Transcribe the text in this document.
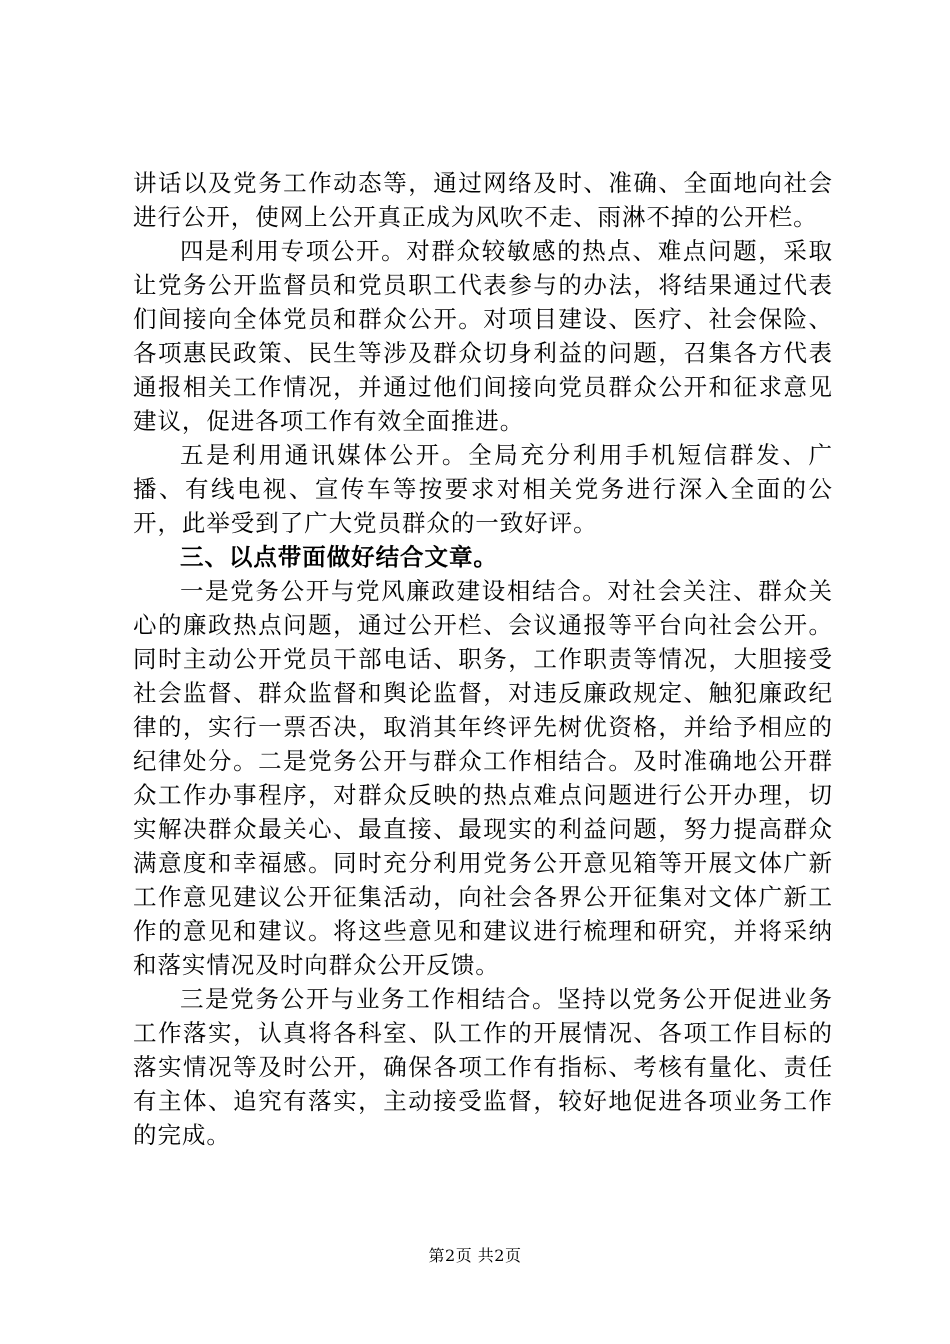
讲话以及党务工作动态等，通过网络及时、准确、全面地向社会进行公开，使网上公开真正成为风吹不走、雨淋不掉的公开栏。

四是利用专项公开。对群众较敏感的热点、难点问题，采取让党务公开监督员和党员职工代表参与的办法，将结果通过代表们间接向全体党员和群众公开。对项目建设、医疗、社会保险、各项惠民政策、民生等涉及群众切身利益的问题，召集各方代表通报相关工作情况，并通过他们间接向党员群众公开和征求意见建议，促进各项工作有效全面推进。

五是利用通讯媒体公开。全局充分利用手机短信群发、广播、有线电视、宣传车等按要求对相关党务进行深入全面的公开，此举受到了广大党员群众的一致好评。

三、以点带面做好结合文章。

一是党务公开与党风廉政建设相结合。对社会关注、群众关心的廉政热点问题，通过公开栏、会议通报等平台向社会公开。同时主动公开党员干部电话、职务，工作职责等情况，大胆接受社会监督、群众监督和舆论监督，对违反廉政规定、触犯廉政纪律的，实行一票否决，取消其年终评先树优资格，并给予相应的纪律处分。二是党务公开与群众工作相结合。及时准确地公开群众工作办事程序，对群众反映的热点难点问题进行公开办理，切实解决群众最关心、最直接、最现实的利益问题，努力提高群众满意度和幸福感。同时充分利用党务公开意见箱等开展文体广新工作意见建议公开征集活动，向社会各界公开征集对文体广新工作的意见和建议。将这些意见和建议进行梳理和研究，并将采纳和落实情况及时向群众公开反馈。

三是党务公开与业务工作相结合。坚持以党务公开促进业务工作落实，认真将各科室、队工作的开展情况、各项工作目标的落实情况等及时公开，确保各项工作有指标、考核有量化、责任有主体、追究有落实，主动接受监督，较好地促进各项业务工作的完成。

第2页 共2页
